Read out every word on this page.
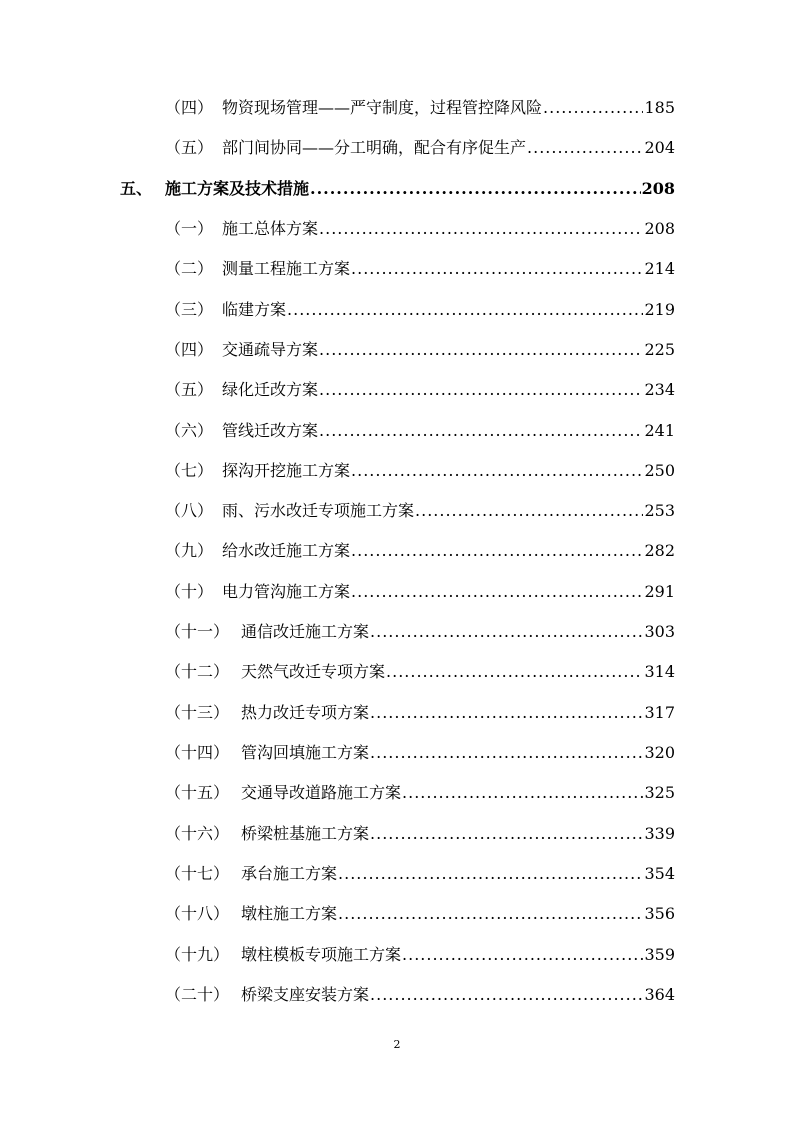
（四） 物资现场管理——严守制度，过程管控降风险 .....	185
（五） 部门间协同——分工明确，配合有序促生产 .....	204
五、 施工方案及技术措施 .....	208
（一） 施工总体方案 .....	208
（二） 测量工程施工方案 .....	214
（三） 临建方案 .....	219
（四） 交通疏导方案 .....	225
（五） 绿化迁改方案 .....	234
（六） 管线迁改方案 .....	241
（七） 探沟开挖施工方案 .....	250
（八） 雨、污水改迁专项施工方案 .....	253
（九） 给水改迁施工方案 .....	282
（十） 电力管沟施工方案 .....	291
（十一） 通信改迁施工方案 .....	303
（十二） 天然气改迁专项方案 .....	314
（十三） 热力改迁专项方案 .....	317
（十四） 管沟回填施工方案 .....	320
（十五） 交通导改道路施工方案 .....	325
（十六） 桥梁桩基施工方案 .....	339
（十七） 承台施工方案 .....	354
（十八） 墩柱施工方案 .....	356
（十九） 墩柱模板专项施工方案 .....	359
（二十） 桥梁支座安装方案 .....	364
2
